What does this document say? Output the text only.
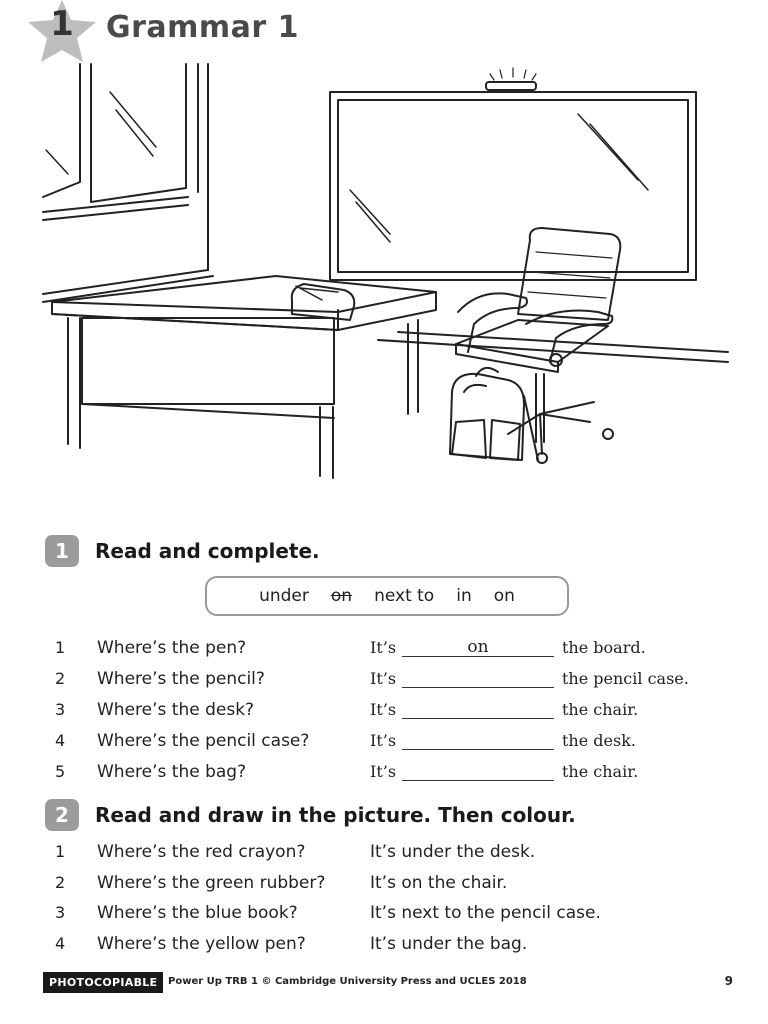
1	Grammar 1
1	Read and complete.
under on next to in on
1 Where’s the pen?	It’s	on	the board.
2 Where’s the pencil?	It’s	the pencil case.
3 Where’s the desk?	It’s	the chair.
4 Where’s the pencil case?	It’s	the desk.
5 Where’s the bag?	It’s	the chair.
2	Read and draw in the picture. Then colour.
1 Where’s the red crayon?	It’s under the desk.
2 Where’s the green rubber?	It’s on the chair.
3 Where’s the blue book?	It’s next to the pencil case.
4 Where’s the yellow pen?	It’s under the bag.
PHOTOCOPIABLE	Power Up TRB 1 © Cambridge University Press and UCLES 2018	9
